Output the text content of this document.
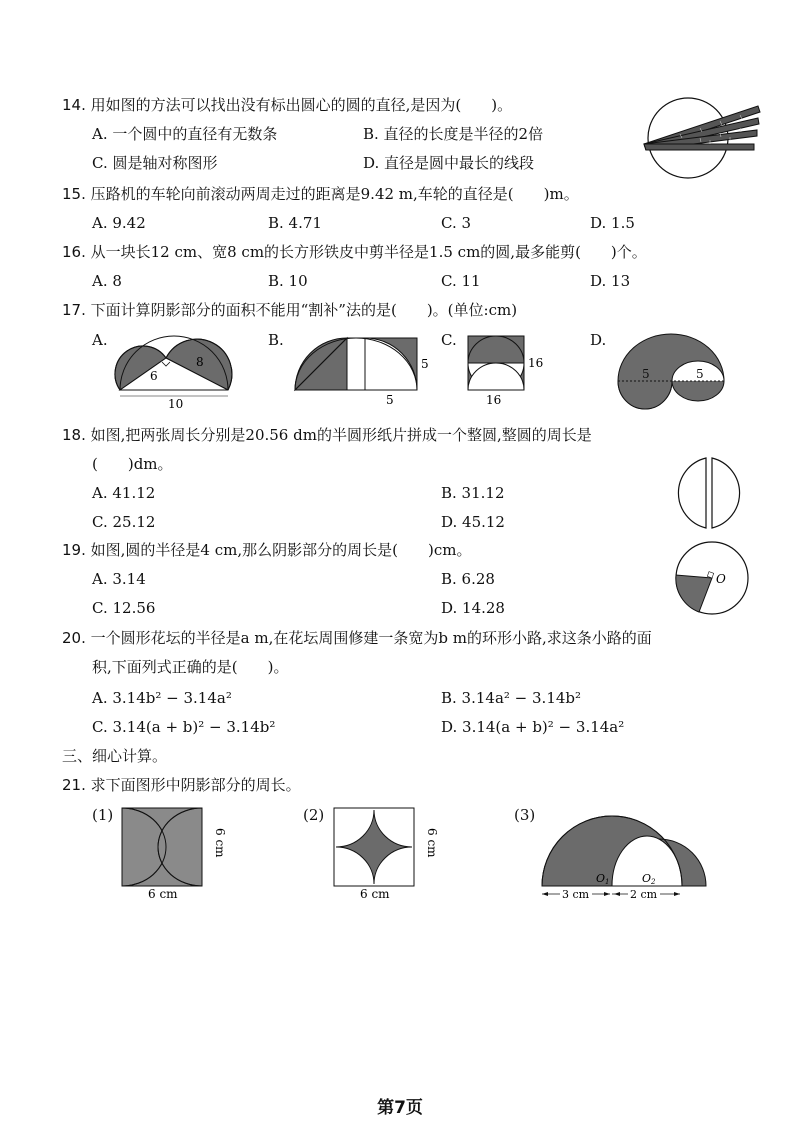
14. 用如图的方法可以找出没有标出圆心的圆的直径,是因为(　　)。
A. 一个圆中的直径有无数条	B. 直径的长度是半径的2倍
C. 圆是轴对称图形	D. 直径是圆中最长的线段
15. 压路机的车轮向前滚动两周走过的距离是9.42 m,车轮的直径是(　　)m。
A. 9.42	B. 4.71	C. 3	D. 1.5
16. 从一块长12 cm、宽8 cm的长方形铁皮中剪半径是1.5 cm的圆,最多能剪(　　)个。
A. 8	B. 10	C. 11	D. 13
17. 下面计算阴影部分的面积不能用“割补”法的是(　　)。(单位:cm)
A.	B.	C.	D.
6
8
10
5
5
16
16
5	5
18. 如图,把两张周长分别是20.56 dm的半圆形纸片拼成一个整圆,整圆的周长是
(　　)dm。
A. 41.12	B. 31.12
C. 25.12	D. 45.12
19. 如图,圆的半径是4 cm,那么阴影部分的周长是(　　)cm。
A. 3.14	B. 6.28
C. 12.56	D. 14.28
O
20. 一个圆形花坛的半径是a m,在花坛周围修建一条宽为b m的环形小路,求这条小路的面
积,下面列式正确的是(　　)。
A. 3.14b² − 3.14a²	B. 3.14a² − 3.14b²
C. 3.14(a + b)² − 3.14b²	D. 3.14(a + b)² − 3.14a²
三、细心计算。
21. 求下面图形中阴影部分的周长。
(1)
6 cm
6 cm
(2)
6 cm
6 cm
(3)
O1	O2
3 cm	2 cm
第7页
